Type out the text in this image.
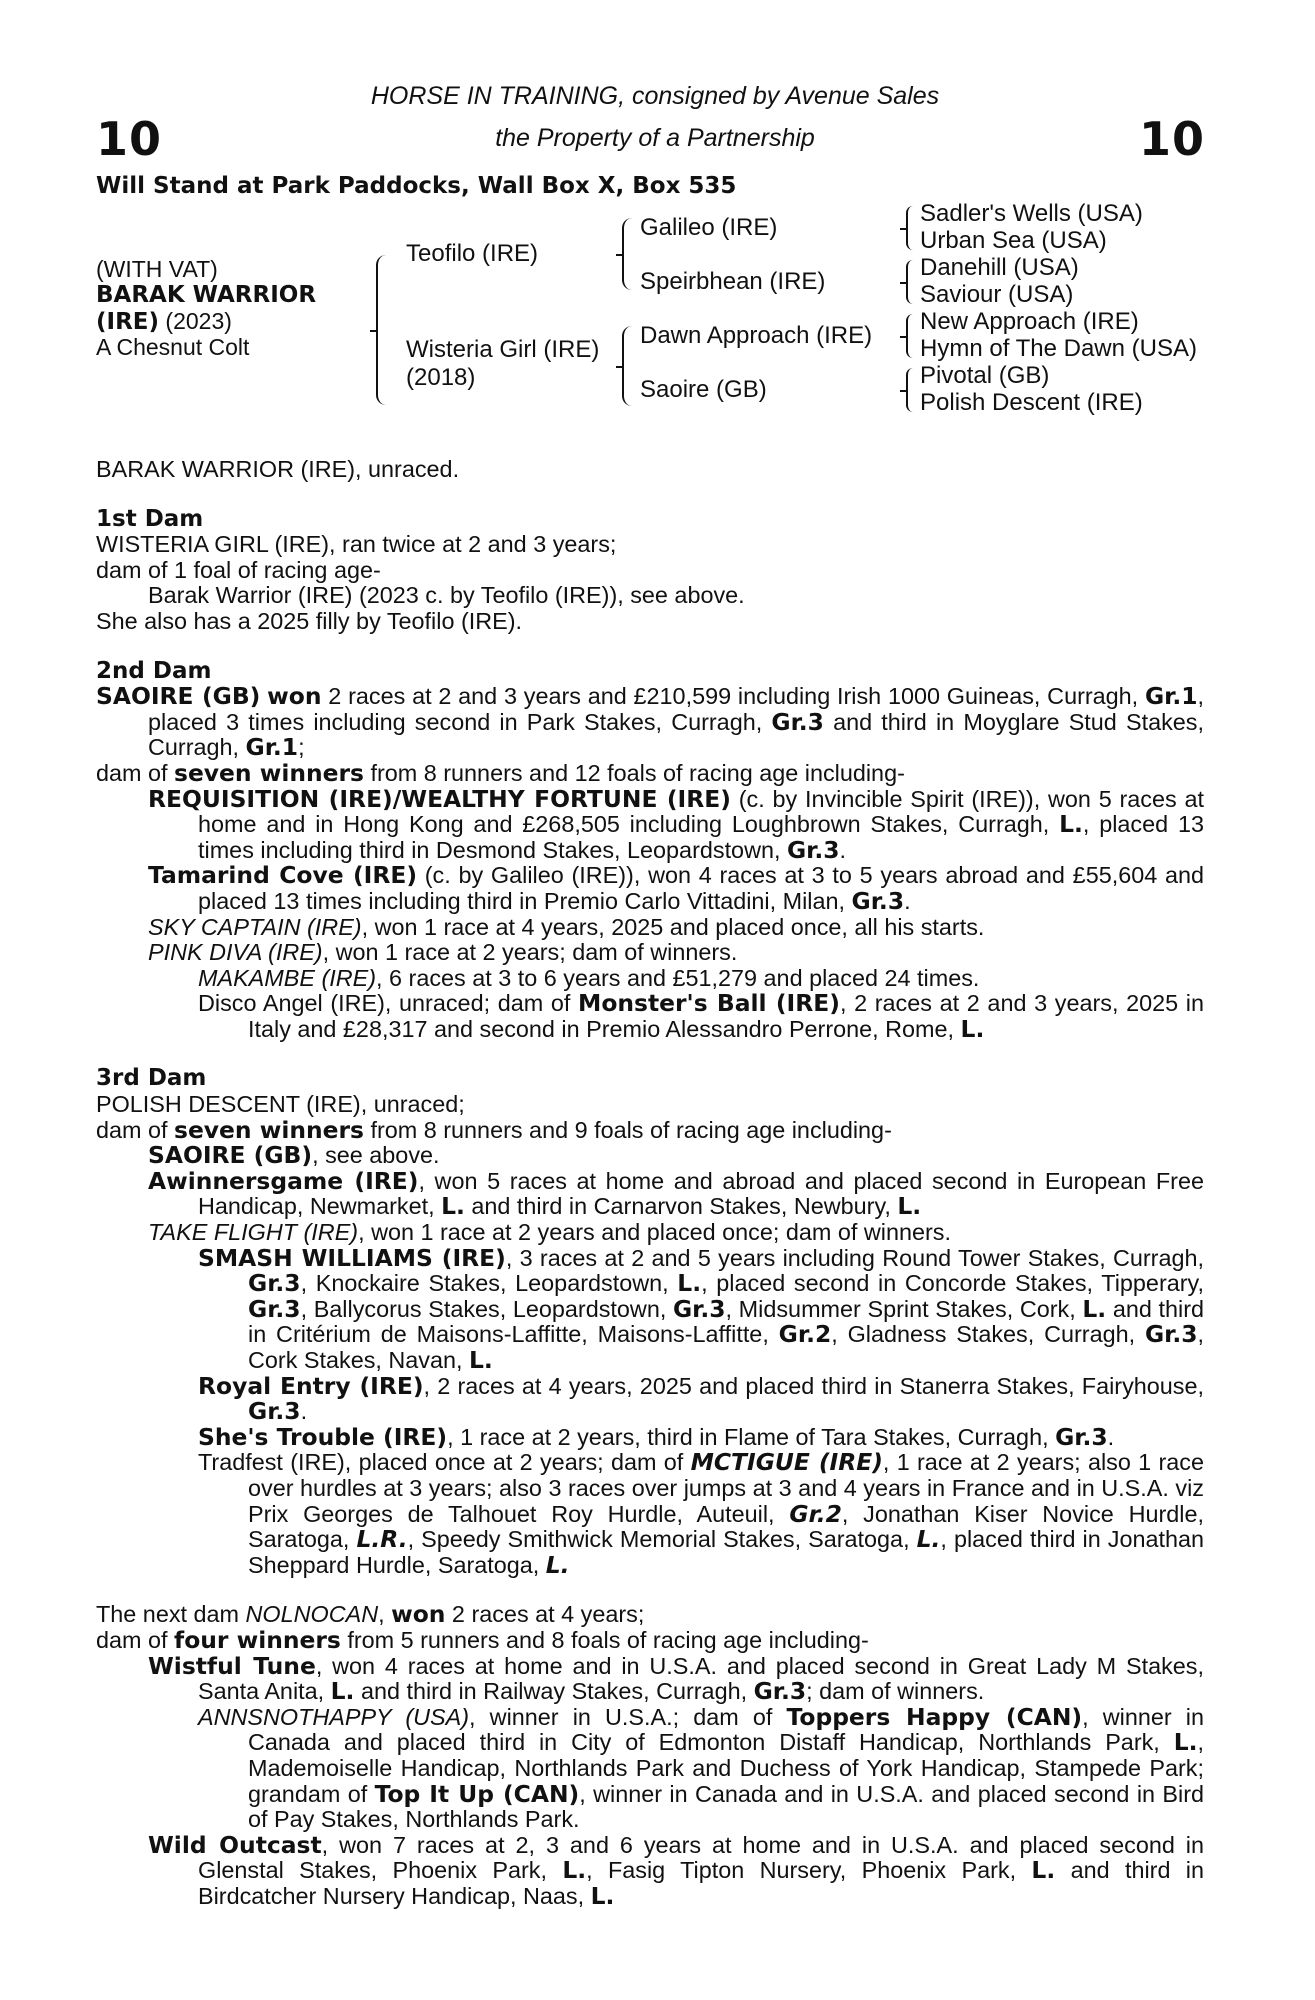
10	10
HORSE IN TRAINING, consigned by Avenue Sales
the Property of a Partnership
Will Stand at Park Paddocks, Wall Box X, Box 535
(WITH VAT)
BARAK WARRIOR
(IRE) (2023)
A Chesnut Colt
Teofilo (IRE)
Wisteria Girl (IRE)
(2018)
Galileo (IRE)
Speirbhean (IRE)
Dawn Approach (IRE)
Saoire (GB)
Sadler's Wells (USA)
Urban Sea (USA)
Danehill (USA)
Saviour (USA)
New Approach (IRE)
Hymn of The Dawn (USA)
Pivotal (GB)
Polish Descent (IRE)

BARAK WARRIOR (IRE), unraced.

1st Dam

WISTERIA GIRL (IRE), ran twice at 2 and 3 years;

dam of 1 foal of racing age-

Barak Warrior (IRE) (2023 c. by Teofilo (IRE)), see above.

She also has a 2025 filly by Teofilo (IRE).

2nd Dam

SAOIRE (GB) won 2 races at 2 and 3 years and £210,599 including Irish 1000 Guineas, Curragh, Gr.1, placed 3 times including second in Park Stakes, Curragh, Gr.3 and third in Moyglare Stud Stakes, Curragh, Gr.1;

dam of seven winners from 8 runners and 12 foals of racing age including-

REQUISITION (IRE)/WEALTHY FORTUNE (IRE) (c. by Invincible Spirit (IRE)), won 5 races at home and in Hong Kong and £268,505 including Loughbrown Stakes, Curragh, L., placed 13 times including third in Desmond Stakes, Leopardstown, Gr.3.

Tamarind Cove (IRE) (c. by Galileo (IRE)), won 4 races at 3 to 5 years abroad and £55,604 and placed 13 times including third in Premio Carlo Vittadini, Milan, Gr.3.

SKY CAPTAIN (IRE), won 1 race at 4 years, 2025 and placed once, all his starts.

PINK DIVA (IRE), won 1 race at 2 years; dam of winners.

MAKAMBE (IRE), 6 races at 3 to 6 years and £51,279 and placed 24 times.

Disco Angel (IRE), unraced; dam of Monster's Ball (IRE), 2 races at 2 and 3 years, 2025 in Italy and £28,317 and second in Premio Alessandro Perrone, Rome, L.

3rd Dam

POLISH DESCENT (IRE), unraced;

dam of seven winners from 8 runners and 9 foals of racing age including-

SAOIRE (GB), see above.

Awinnersgame (IRE), won 5 races at home and abroad and placed second in European Free Handicap, Newmarket, L. and third in Carnarvon Stakes, Newbury, L.

TAKE FLIGHT (IRE), won 1 race at 2 years and placed once; dam of winners.

SMASH WILLIAMS (IRE), 3 races at 2 and 5 years including Round Tower Stakes, Curragh, Gr.3, Knockaire Stakes, Leopardstown, L., placed second in Concorde Stakes, Tipperary, Gr.3, Ballycorus Stakes, Leopardstown, Gr.3, Midsummer Sprint Stakes, Cork, L. and third in Critérium de Maisons-Laffitte, Maisons-Laffitte, Gr.2, Gladness Stakes, Curragh, Gr.3, Cork Stakes, Navan, L.

Royal Entry (IRE), 2 races at 4 years, 2025 and placed third in Stanerra Stakes, Fairyhouse, Gr.3.

She's Trouble (IRE), 1 race at 2 years, third in Flame of Tara Stakes, Curragh, Gr.3.

Tradfest (IRE), placed once at 2 years; dam of MCTIGUE (IRE), 1 race at 2 years; also 1 race over hurdles at 3 years; also 3 races over jumps at 3 and 4 years in France and in U.S.A. viz Prix Georges de Talhouet Roy Hurdle, Auteuil, Gr.2, Jonathan Kiser Novice Hurdle, Saratoga, L.R., Speedy Smithwick Memorial Stakes, Saratoga, L., placed third in Jonathan Sheppard Hurdle, Saratoga, L.

The next dam NOLNOCAN, won 2 races at 4 years;

dam of four winners from 5 runners and 8 foals of racing age including-

Wistful Tune, won 4 races at home and in U.S.A. and placed second in Great Lady M Stakes, Santa Anita, L. and third in Railway Stakes, Curragh, Gr.3; dam of winners.

ANNSNOTHAPPY (USA), winner in U.S.A.; dam of Toppers Happy (CAN), winner in Canada and placed third in City of Edmonton Distaff Handicap, Northlands Park, L., Mademoiselle Handicap, Northlands Park and Duchess of York Handicap, Stampede Park; grandam of Top It Up (CAN), winner in Canada and in U.S.A. and placed second in Bird of Pay Stakes, Northlands Park.

Wild Outcast, won 7 races at 2, 3 and 6 years at home and in U.S.A. and placed second in Glenstal Stakes, Phoenix Park, L., Fasig Tipton Nursery, Phoenix Park, L. and third in Birdcatcher Nursery Handicap, Naas, L.
